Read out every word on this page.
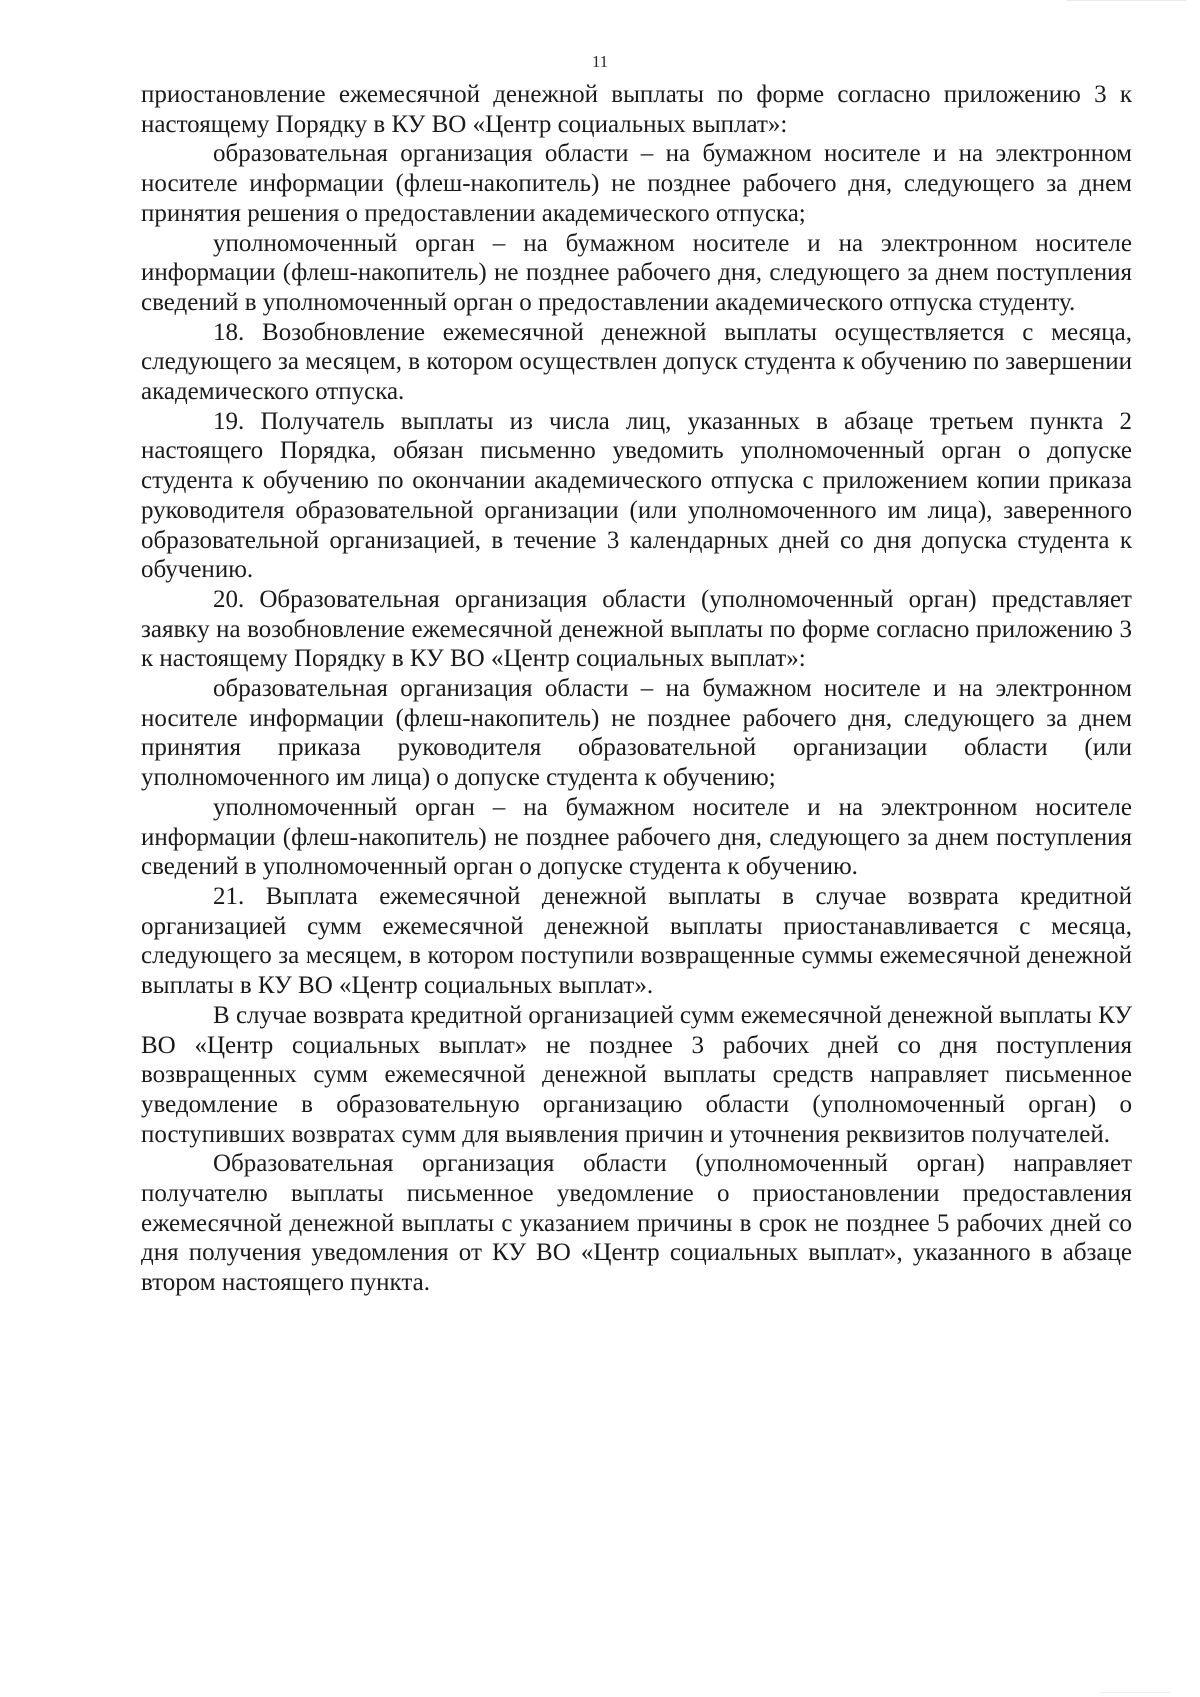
11

приостановление ежемесячной денежной выплаты по форме согласно приложению 3 к настоящему Порядку в КУ ВО «Центр социальных выплат»:

образовательная организация области – на бумажном носителе и на электронном носителе информации (флеш-накопитель) не позднее рабочего дня, следующего за днем принятия решения о предоставлении академического отпуска;

уполномоченный орган – на бумажном носителе и на электронном носителе информации (флеш-накопитель) не позднее рабочего дня, следующего за днем поступления сведений в уполномоченный орган о предоставлении академического отпуска студенту.

18. Возобновление ежемесячной денежной выплаты осуществляется с месяца, следующего за месяцем, в котором осуществлен допуск студента к обучению по завершении академического отпуска.

19. Получатель выплаты из числа лиц, указанных в абзаце третьем пункта 2 настоящего Порядка, обязан письменно уведомить уполномоченный орган о допуске студента к обучению по окончании академического отпуска с приложением копии приказа руководителя образовательной организации (или уполномоченного им лица), заверенного образовательной организацией, в течение 3 календарных дней со дня допуска студента к обучению.

20. Образовательная организация области (уполномоченный орган) представляет заявку на возобновление ежемесячной денежной выплаты по форме согласно приложению 3 к настоящему Порядку в КУ ВО «Центр социальных выплат»:

образовательная организация области – на бумажном носителе и на электронном носителе информации (флеш-накопитель) не позднее рабочего дня, следующего за днем принятия приказа руководителя образовательной организации области (или уполномоченного им лица) о допуске студента к обучению;

уполномоченный орган – на бумажном носителе и на электронном носителе информации (флеш-накопитель) не позднее рабочего дня, следующего за днем поступления сведений в уполномоченный орган о допуске студента к обучению.

21. Выплата ежемесячной денежной выплаты в случае возврата кредитной организацией сумм ежемесячной денежной выплаты приостанавливается с месяца, следующего за месяцем, в котором поступили возвращенные суммы ежемесячной денежной выплаты в КУ ВО «Центр социальных выплат».

В случае возврата кредитной организацией сумм ежемесячной денежной выплаты КУ ВО «Центр социальных выплат» не позднее 3 рабочих дней со дня поступления возвращенных сумм ежемесячной денежной выплаты средств направляет письменное уведомление в образовательную организацию области (уполномоченный орган) о поступивших возвратах сумм для выявления причин и уточнения реквизитов получателей.

Образовательная организация области (уполномоченный орган) направляет получателю выплаты письменное уведомление о приостановлении предоставления ежемесячной денежной выплаты с указанием причины в срок не позднее 5 рабочих дней со дня получения уведомления от КУ ВО «Центр социальных выплат», указанного в абзаце втором настоящего пункта.
